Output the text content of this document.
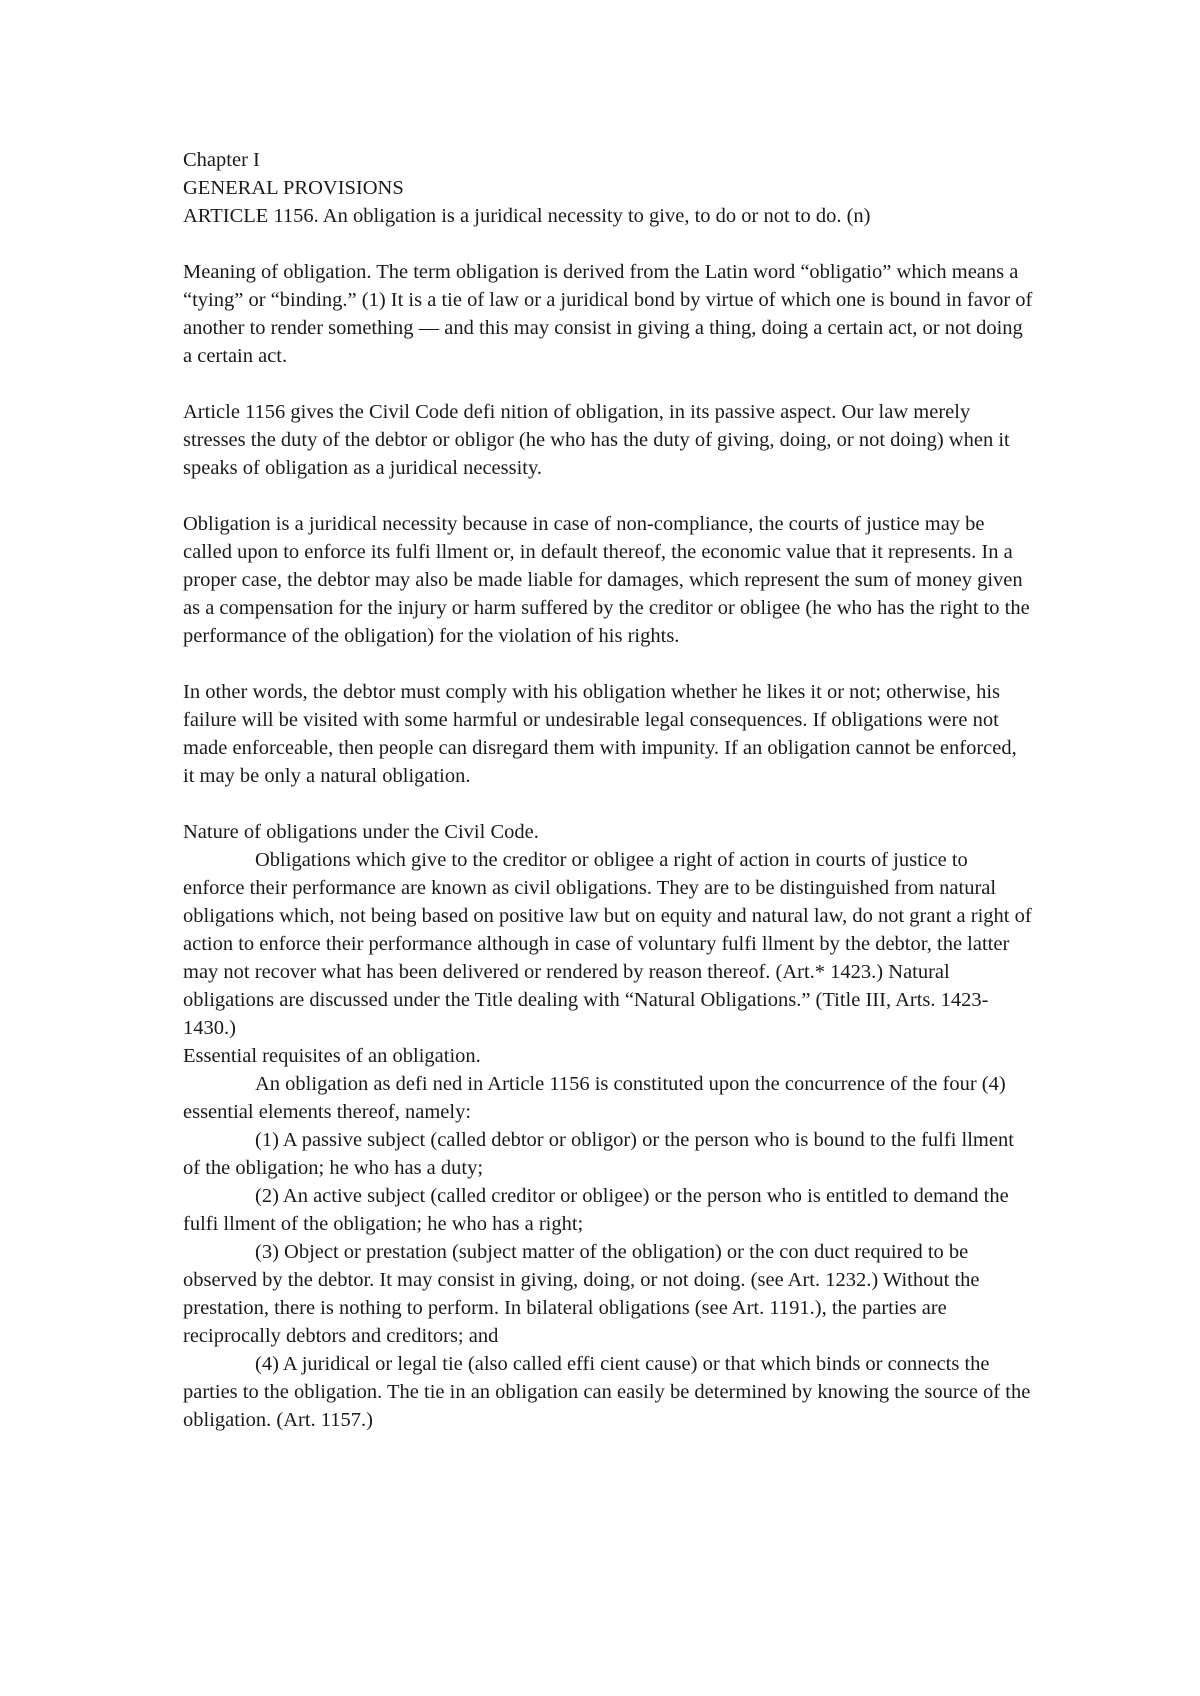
Chapter I

GENERAL PROVISIONS

ARTICLE 1156. An obligation is a juridical necessity to give, to do or not to do. (n)

Meaning of obligation. The term obligation is derived from the Latin word “obligatio” which means a “tying” or “binding.” (1) It is a tie of law or a juridical bond by virtue of which one is bound in favor of another to render something — and this may consist in giving a thing, doing a certain act, or not doing a certain act.

Article 1156 gives the Civil Code defi nition of obligation, in its passive aspect. Our law merely stresses the duty of the debtor or obligor (he who has the duty of giving, doing, or not doing) when it speaks of obligation as a juridical necessity.

Obligation is a juridical necessity because in case of non-compliance, the courts of justice may be called upon to enforce its fulfi llment or, in default thereof, the economic value that it represents. In a proper case, the debtor may also be made liable for damages, which represent the sum of money given as a compensation for the injury or harm suffered by the creditor or obligee (he who has the right to the performance of the obligation) for the violation of his rights.

In other words, the debtor must comply with his obligation whether he likes it or not; otherwise, his failure will be visited with some harmful or undesirable legal consequences. If obligations were not made enforceable, then people can disregard them with impunity. If an obligation cannot be enforced, it may be only a natural obligation.

Nature of obligations under the Civil Code.

Obligations which give to the creditor or obligee a right of action in courts of justice to enforce their performance are known as civil obligations. They are to be distinguished from natural obligations which, not being based on positive law but on equity and natural law, do not grant a right of action to enforce their performance although in case of voluntary fulfi llment by the debtor, the latter may not recover what has been delivered or rendered by reason thereof. (Art.* 1423.) Natural obligations are discussed under the Title dealing with “Natural Obligations.” (Title III, Arts. 1423-1430.)

Essential requisites of an obligation.

An obligation as defi ned in Article 1156 is constituted upon the concurrence of the four (4) essential elements thereof, namely:

(1) A passive subject (called debtor or obligor) or the person who is bound to the fulfi llment of the obligation; he who has a duty;

(2) An active subject (called creditor or obligee) or the person who is entitled to demand the fulfi llment of the obligation; he who has a right;

(3) Object or prestation (subject matter of the obligation) or the con duct required to be observed by the debtor. It may consist in giving, doing, or not doing. (see Art. 1232.) Without the prestation, there is nothing to perform. In bilateral obligations (see Art. 1191.), the parties are reciprocally debtors and creditors; and

(4) A juridical or legal tie (also called effi cient cause) or that which binds or connects the parties to the obligation. The tie in an obligation can easily be determined by knowing the source of the obligation. (Art. 1157.)
